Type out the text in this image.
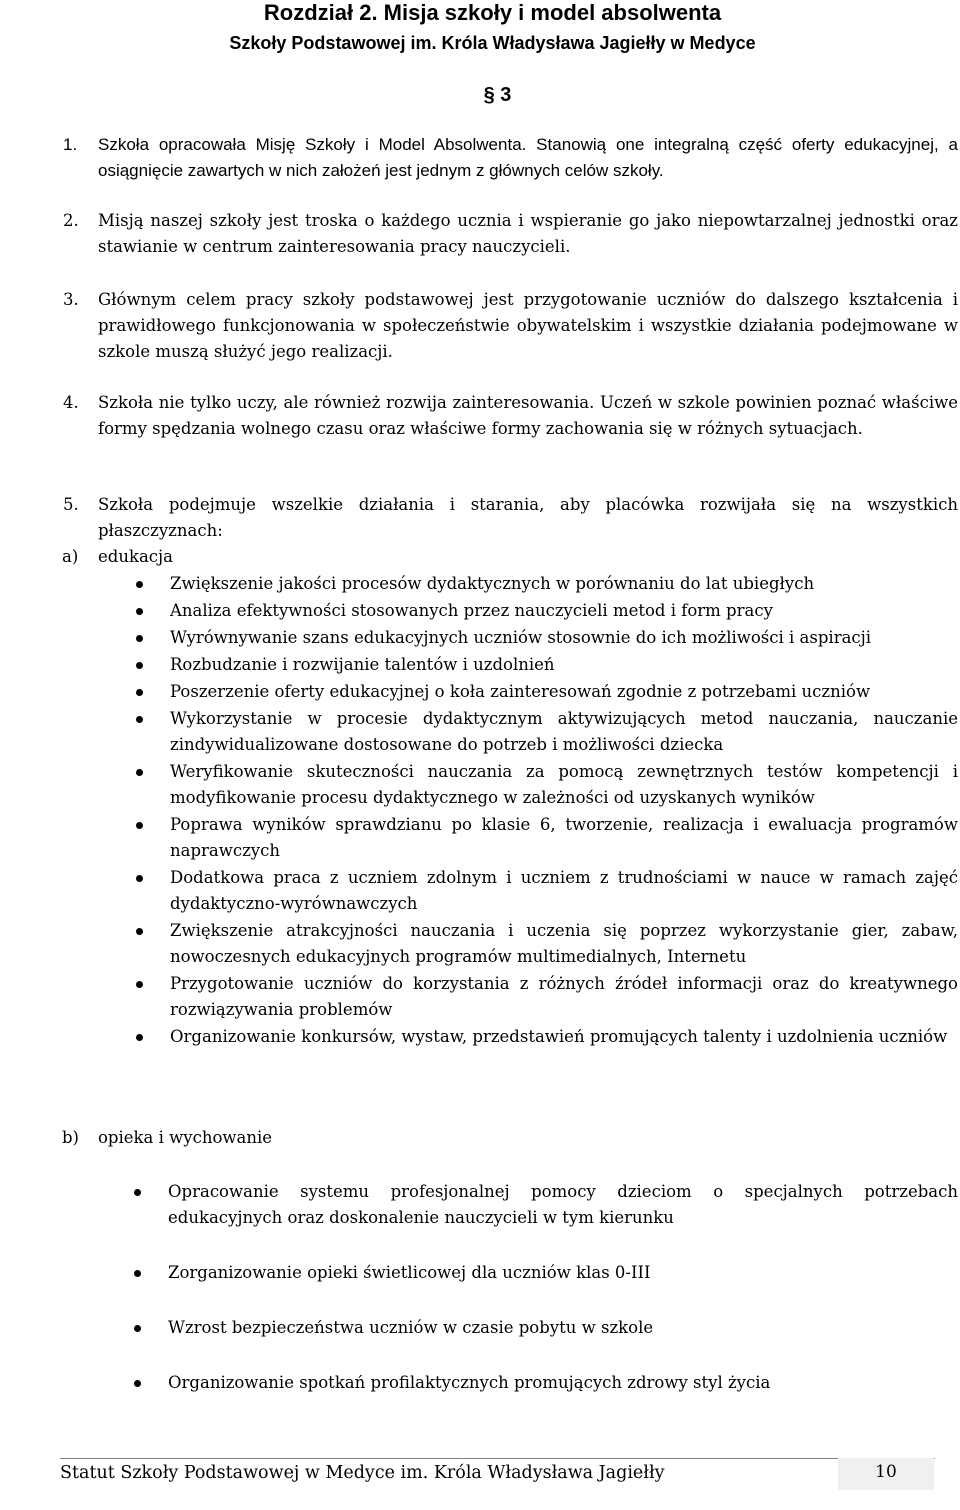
Rozdział 2. Misja szkoły i model absolwenta
Szkoły Podstawowej im. Króla Władysława Jagiełły w Medyce
§ 3
1. Szkoła opracowała Misję Szkoły i Model Absolwenta. Stanowią one integralną część oferty edukacyjnej, a osiągnięcie zawartych w nich założeń jest jednym z głównych celów szkoły.
2. Misją naszej szkoły jest troska o każdego ucznia i wspieranie go jako niepowtarzalnej jednostki oraz stawianie w centrum zainteresowania pracy nauczycieli.
3. Głównym celem pracy szkoły podstawowej jest przygotowanie uczniów do dalszego kształcenia i prawidłowego funkcjonowania w społeczeństwie obywatelskim i wszystkie działania podejmowane w szkole muszą służyć jego realizacji.
4. Szkoła nie tylko uczy, ale również rozwija zainteresowania. Uczeń w szkole powinien poznać właściwe formy spędzania wolnego czasu oraz właściwe formy zachowania się w różnych sytuacjach.
5. Szkoła podejmuje wszelkie działania i starania, aby placówka rozwijała się na wszystkich płaszczyznach:
a) edukacja
Zwiększenie jakości procesów dydaktycznych w porównaniu do lat ubiegłych
Analiza efektywności stosowanych przez nauczycieli metod i form pracy
Wyrównywanie szans edukacyjnych uczniów stosownie do ich możliwości i aspiracji
Rozbudzanie i rozwijanie talentów i uzdolnień
Poszerzenie oferty edukacyjnej o koła zainteresowań zgodnie z potrzebami uczniów
Wykorzystanie w procesie dydaktycznym aktywizujących metod nauczania, nauczanie zindywidualizowane dostosowane do potrzeb i możliwości dziecka
Weryfikowanie skuteczności nauczania za pomocą zewnętrznych testów kompetencji i modyfikowanie procesu dydaktycznego w zależności od uzyskanych wyników
Poprawa wyników sprawdzianu po klasie 6, tworzenie, realizacja i ewaluacja programów naprawczych
Dodatkowa praca z uczniem zdolnym i uczniem z trudnościami w nauce w ramach zajęć dydaktyczno-wyrównawczych
Zwiększenie atrakcyjności nauczania i uczenia się poprzez wykorzystanie gier, zabaw, nowoczesnych edukacyjnych programów multimedialnych, Internetu
Przygotowanie uczniów do korzystania z różnych źródeł informacji oraz do kreatywnego rozwiązywania problemów
Organizowanie konkursów, wystaw, przedstawień promujących talenty i uzdolnienia uczniów
b) opieka i wychowanie
Opracowanie systemu profesjonalnej pomocy dzieciom o specjalnych potrzebach edukacyjnych oraz doskonalenie nauczycieli w tym kierunku
Zorganizowanie opieki świetlicowej dla uczniów klas 0-III
Wzrost bezpieczeństwa uczniów w czasie pobytu w szkole
Organizowanie spotkań profilaktycznych promujących zdrowy styl życia
Statut Szkoły Podstawowej w Medyce im. Króla Władysława Jagiełły	10
